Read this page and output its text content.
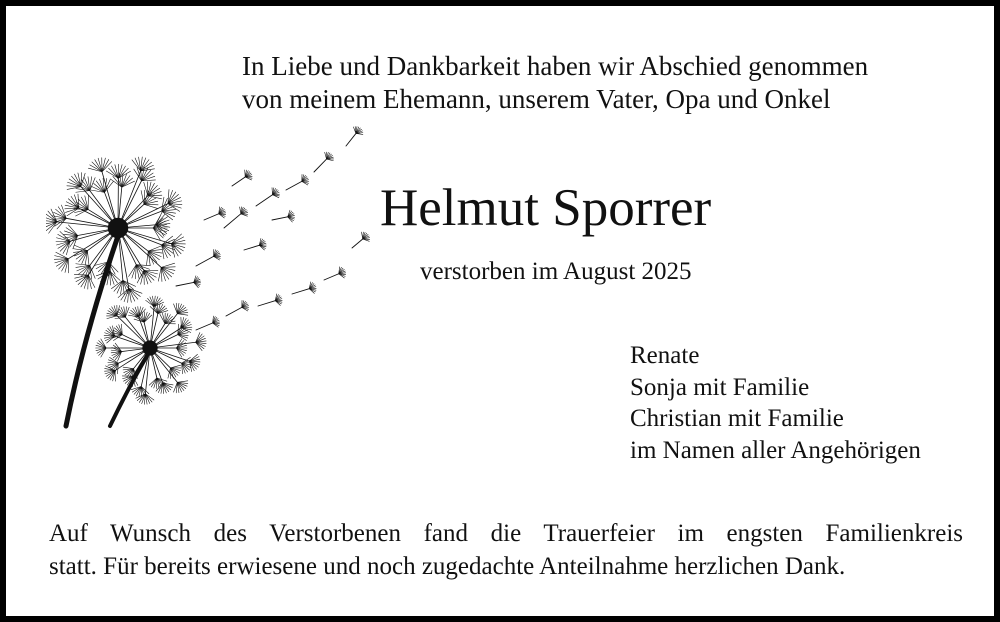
In Liebe und Dankbarkeit haben wir Abschied genommen
von meinem Ehemann, unserem Vater, Opa und Onkel
Helmut Sporrer
verstorben im August 2025
Renate
Sonja mit Familie
Christian mit Familie
im Namen aller Angehörigen
Auf Wunsch des Verstorbenen fand die Trauerfeier im engsten Familienkreis
statt. Für bereits erwiesene und noch zugedachte Anteilnahme herzlichen Dank.
